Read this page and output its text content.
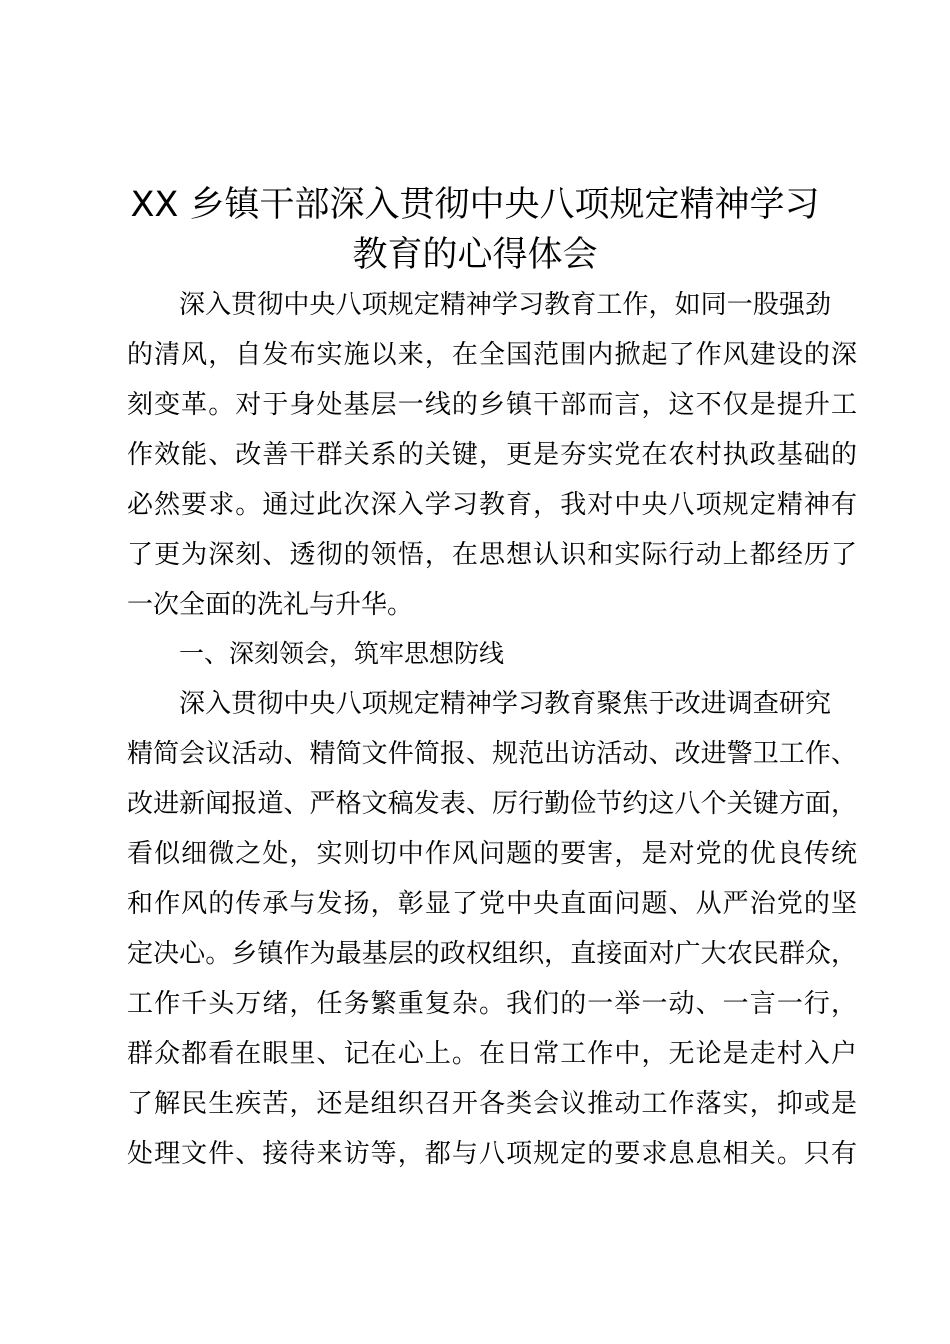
XX 乡镇干部深入贯彻中央八项规定精神学习
教育的心得体会
深入贯彻中央八项规定精神学习教育工作，如同一股强劲
的清风，自发布实施以来，在全国范围内掀起了作风建设的深
刻变革。对于身处基层一线的乡镇干部而言，这不仅是提升工
作效能、改善干群关系的关键，更是夯实党在农村执政基础的
必然要求。通过此次深入学习教育，我对中央八项规定精神有
了更为深刻、透彻的领悟，在思想认识和实际行动上都经历了
一次全面的洗礼与升华。
一、深刻领会，筑牢思想防线
深入贯彻中央八项规定精神学习教育聚焦于改进调查研究
精简会议活动、精简文件简报、规范出访活动、改进警卫工作、
改进新闻报道、严格文稿发表、厉行勤俭节约这八个关键方面，
看似细微之处，实则切中作风问题的要害，是对党的优良传统
和作风的传承与发扬，彰显了党中央直面问题、从严治党的坚
定决心。乡镇作为最基层的政权组织，直接面对广大农民群众，
工作千头万绪，任务繁重复杂。我们的一举一动、一言一行，
群众都看在眼里、记在心上。在日常工作中，无论是走村入户
了解民生疾苦，还是组织召开各类会议推动工作落实，抑或是
处理文件、接待来访等，都与八项规定的要求息息相关。只有
